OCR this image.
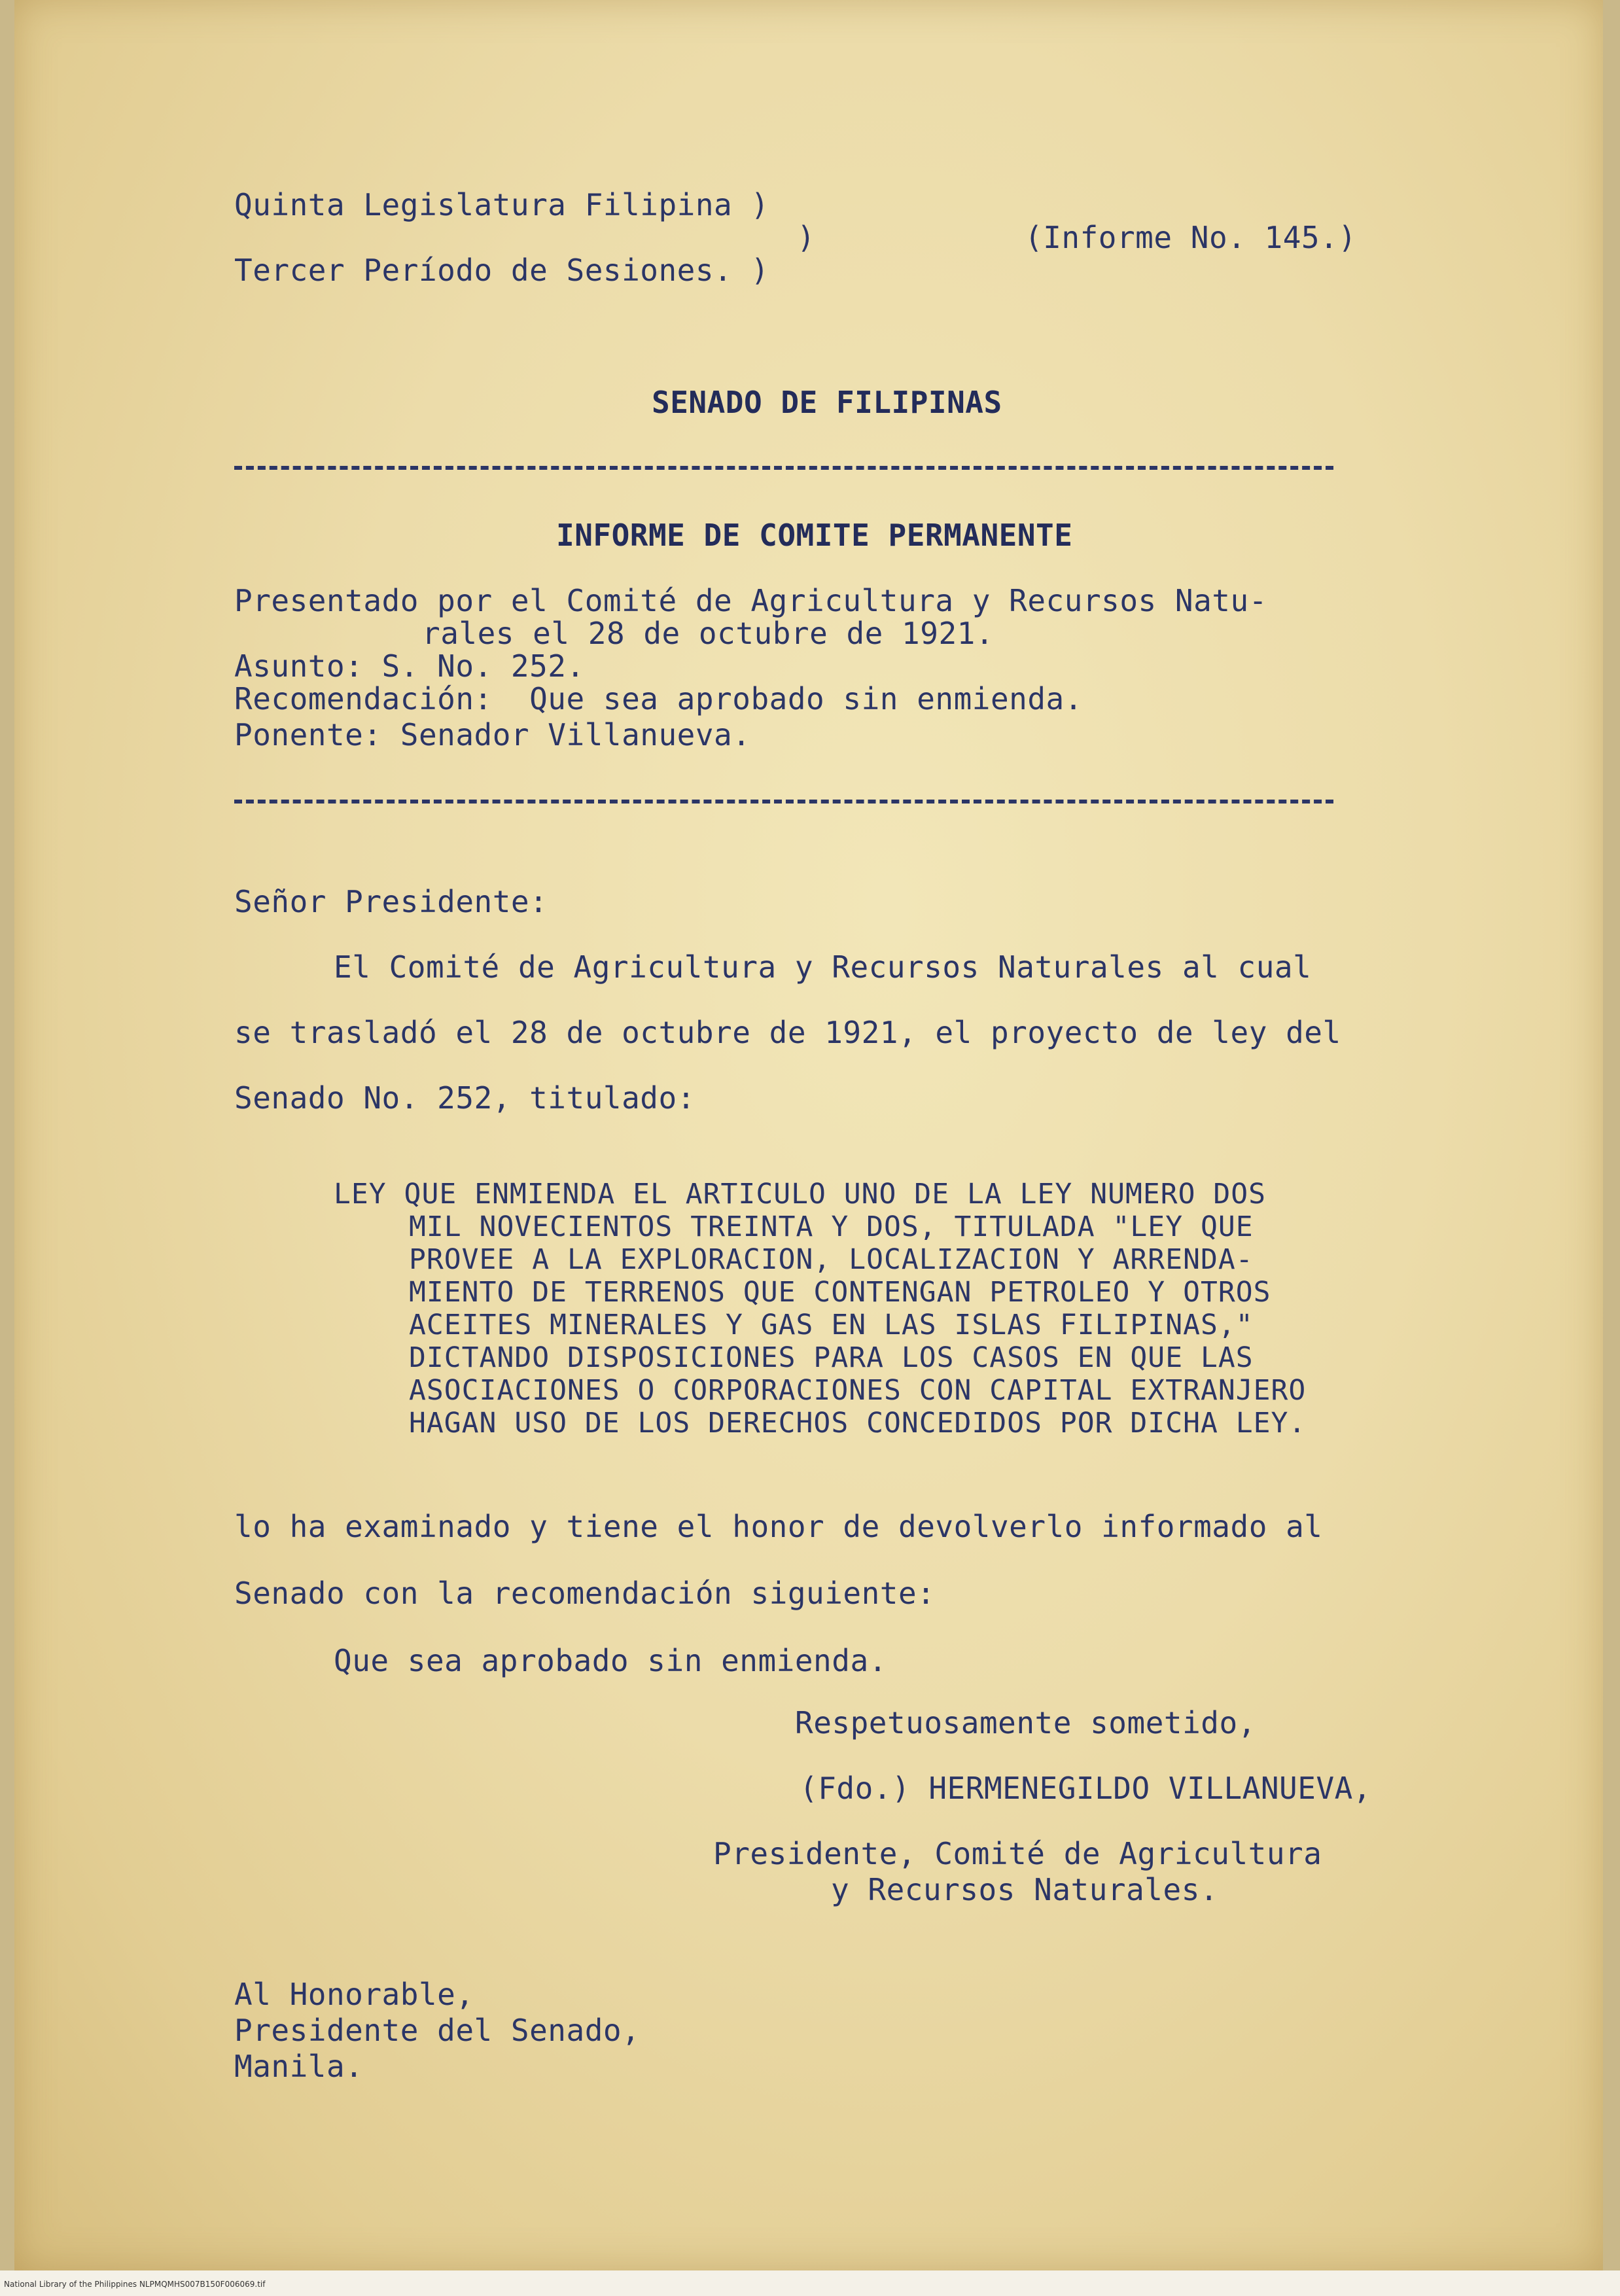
Quinta Legislatura Filipina )
)
Tercer Período de Sesiones. )
(Informe No. 145.)
SENADO DE FILIPINAS
INFORME DE COMITE PERMANENTE
Presentado por el Comité de Agricultura y Recursos Natu-
rales el 28 de octubre de 1921.
Asunto: S. No. 252.
Recomendación:  Que sea aprobado sin enmienda.
Ponente: Senador Villanueva.
Señor Presidente:
El Comité de Agricultura y Recursos Naturales al cual
se trasladó el 28 de octubre de 1921, el proyecto de ley del
Senado No. 252, titulado:
LEY QUE ENMIENDA EL ARTICULO UNO DE LA LEY NUMERO DOS
MIL NOVECIENTOS TREINTA Y DOS, TITULADA "LEY QUE
PROVEE A LA EXPLORACION, LOCALIZACION Y ARRENDA-
MIENTO DE TERRENOS QUE CONTENGAN PETROLEO Y OTROS
ACEITES MINERALES Y GAS EN LAS ISLAS FILIPINAS,"
DICTANDO DISPOSICIONES PARA LOS CASOS EN QUE LAS
ASOCIACIONES O CORPORACIONES CON CAPITAL EXTRANJERO
HAGAN USO DE LOS DERECHOS CONCEDIDOS POR DICHA LEY.
lo ha examinado y tiene el honor de devolverlo informado al
Senado con la recomendación siguiente:
Que sea aprobado sin enmienda.
Respetuosamente sometido,
(Fdo.) HERMENEGILDO VILLANUEVA,
Presidente, Comité de Agricultura
y Recursos Naturales.
Al Honorable,
Presidente del Senado,
Manila.
National Library of the Philippines NLPMQMHS007B150F006069.tif
